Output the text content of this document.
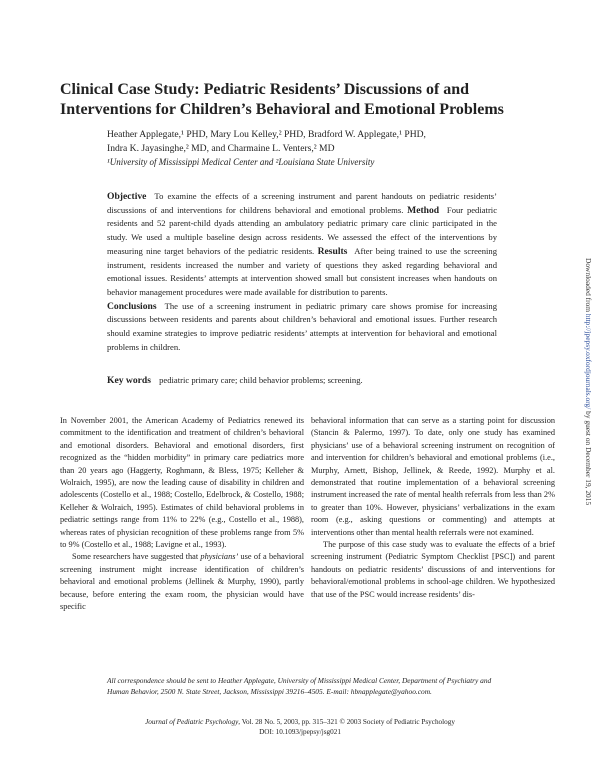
Clinical Case Study: Pediatric Residents’ Discussions of and Interventions for Children’s Behavioral and Emotional Problems
Heather Applegate,¹ PHD, Mary Lou Kelley,² PHD, Bradford W. Applegate,¹ PHD,
Indra K. Jayasinghe,² MD, and Charmaine L. Venters,² MD
¹University of Mississippi Medical Center and ²Louisiana State University
Objective To examine the effects of a screening instrument and parent handouts on pediatric residents’ discussions of and interventions for childrens behavioral and emotional problems. Method Four pediatric residents and 52 parent-child dyads attending an ambulatory pediatric primary care clinic participated in the study. We used a multiple baseline design across residents. We assessed the effect of the interventions by measuring nine target behaviors of the pediatric residents. Results After being trained to use the screening instrument, residents increased the number and variety of questions they asked regarding behavioral and emotional issues. Residents’ attempts at intervention showed small but consistent increases when handouts on behavior management procedures were made available for distribution to parents.
Conclusions The use of a screening instrument in pediatric primary care shows promise for increasing discussions between residents and parents about children’s behavioral and emotional issues. Further research should examine strategies to improve pediatric residents’ attempts at intervention for behavioral and emotional problems in children.
Key words pediatric primary care; child behavior problems; screening.

In November 2001, the American Academy of Pediatrics renewed its commitment to the identification and treatment of children’s behavioral and emotional disorders. Behavioral and emotional disorders, first recognized as the “hidden morbidity” in primary care pediatrics more than 20 years ago (Haggerty, Roghmann, & Bless, 1975; Kelleher & Wolraich, 1995), are now the leading cause of disability in children and adolescents (Costello et al., 1988; Costello, Edelbrock, & Costello, 1988; Kelleher & Wolraich, 1995). Estimates of child behavioral problems in pediatric settings range from 11% to 22% (e.g., Costello et al., 1988), whereas rates of physician recognition of these problems range from 5% to 9% (Costello et al., 1988; Lavigne et al., 1993).

Some researchers have suggested that physicians’ use of a behavioral screening instrument might increase identification of children’s behavioral and emotional problems (Jellinek & Murphy, 1990), partly because, before entering the exam room, the physician would have specific

behavioral information that can serve as a starting point for discussion (Stancin & Palermo, 1997). To date, only one study has examined physicians’ use of a behavioral screening instrument on recognition of and intervention for children’s behavioral and emotional problems (i.e., Murphy, Arnett, Bishop, Jellinek, & Reede, 1992). Murphy et al. demonstrated that routine implementation of a behavioral screening instrument increased the rate of mental health referrals from less than 2% to greater than 10%. However, physicians’ verbalizations in the exam room (e.g., asking questions or commenting) and attempts at interventions other than mental health referrals were not examined.

The purpose of this case study was to evaluate the effects of a brief screening instrument (Pediatric Symptom Checklist [PSC]) and parent handouts on pediatric residents’ discussions of and interventions for behavioral/emotional problems in school-age children. We hypothesized that use of the PSC would increase residents’ dis-

All correspondence should be sent to Heather Applegate, University of Mississippi Medical Center, Department of Psychiatry and Human Behavior, 2500 N. State Street, Jackson, Mississippi 39216–4505. E-mail: hbnapplegate@yahoo.com.
Journal of Pediatric Psychology, Vol. 28 No. 5, 2003, pp. 315–321 © 2003 Society of Pediatric Psychology
DOI: 10.1093/jpepsy/jsg021
Downloaded from http://jpepsy.oxfordjournals.org/ by guest on December 19, 2015
